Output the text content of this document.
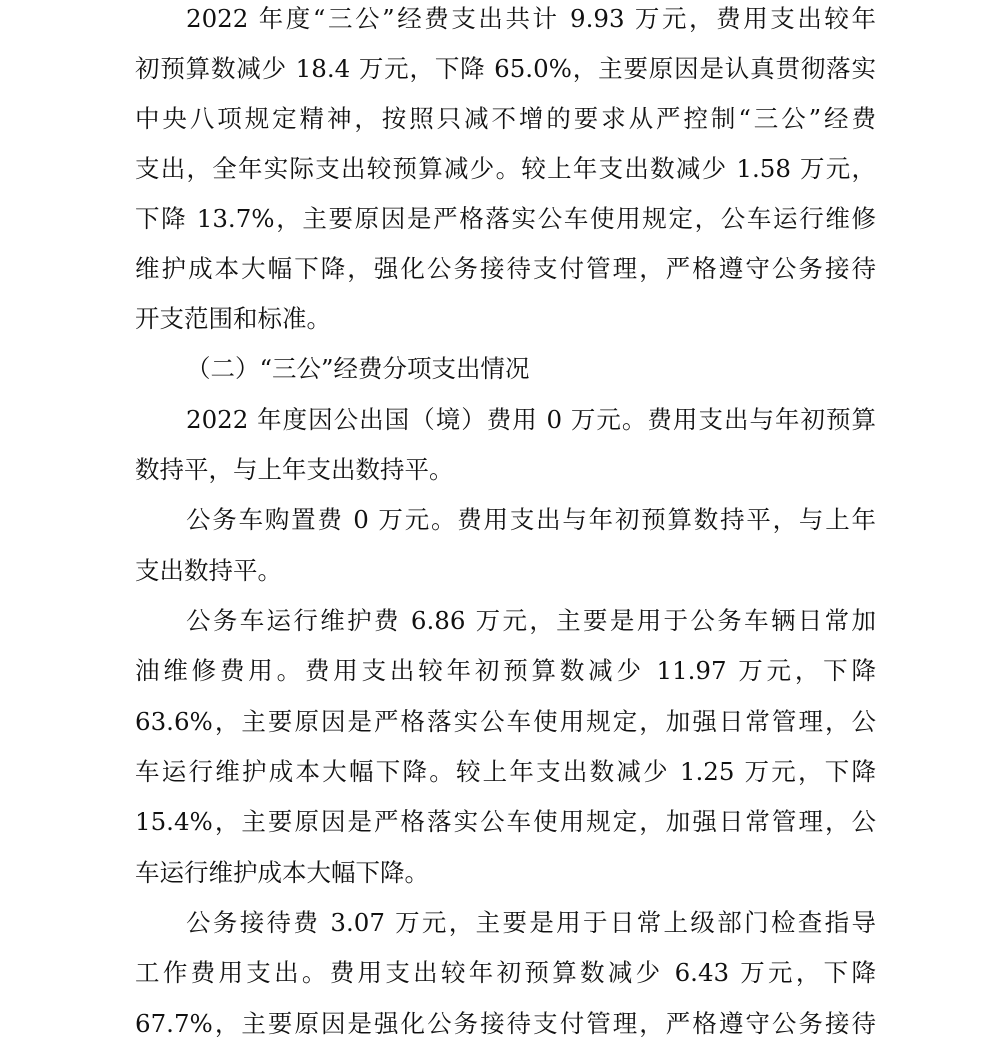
2022 年度“三公”经费支出共计 9.93 万元，费用支出较年
初预算数减少 18.4 万元，下降 65.0%，主要原因是认真贯彻落实
中央八项规定精神，按照只减不增的要求从严控制“三公”经费
支出，全年实际支出较预算减少。较上年支出数减少 1.58 万元，
下降 13.7%，主要原因是严格落实公车使用规定，公车运行维修
维护成本大幅下降，强化公务接待支付管理，严格遵守公务接待
开支范围和标准。
（二）“三公”经费分项支出情况
2022 年度因公出国（境）费用 0 万元。费用支出与年初预算
数持平，与上年支出数持平。
公务车购置费 0 万元。费用支出与年初预算数持平，与上年
支出数持平。
公务车运行维护费 6.86 万元，主要是用于公务车辆日常加
油维修费用。费用支出较年初预算数减少 11.97 万元，下降
63.6%，主要原因是严格落实公车使用规定，加强日常管理，公
车运行维护成本大幅下降。较上年支出数减少 1.25 万元，下降
15.4%，主要原因是严格落实公车使用规定，加强日常管理，公
车运行维护成本大幅下降。
公务接待费 3.07 万元，主要是用于日常上级部门检查指导
工作费用支出。费用支出较年初预算数减少 6.43 万元，下降
67.7%，主要原因是强化公务接待支付管理，严格遵守公务接待
